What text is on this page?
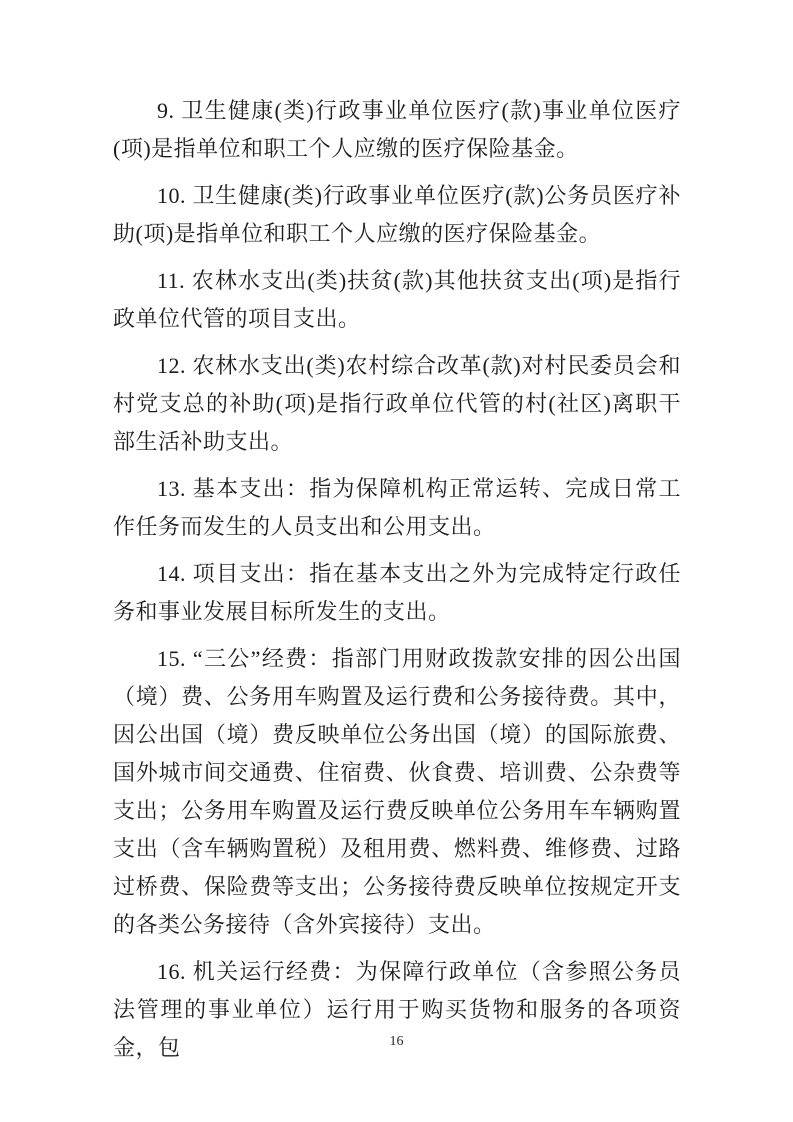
9. 卫生健康(类)行政事业单位医疗(款)事业单位医疗(项)是指单位和职工个人应缴的医疗保险基金。

10. 卫生健康(类)行政事业单位医疗(款)公务员医疗补助(项)是指单位和职工个人应缴的医疗保险基金。

11. 农林水支出(类)扶贫(款)其他扶贫支出(项)是指行政单位代管的项目支出。

12. 农林水支出(类)农村综合改革(款)对村民委员会和村党支总的补助(项)是指行政单位代管的村(社区)离职干部生活补助支出。

13. 基本支出：指为保障机构正常运转、完成日常工作任务而发生的人员支出和公用支出。

14. 项目支出：指在基本支出之外为完成特定行政任务和事业发展目标所发生的支出。

15. “三公”经费：指部门用财政拨款安排的因公出国（境）费、公务用车购置及运行费和公务接待费。其中，因公出国（境）费反映单位公务出国（境）的国际旅费、国外城市间交通费、住宿费、伙食费、培训费、公杂费等支出；公务用车购置及运行费反映单位公务用车车辆购置支出（含车辆购置税）及租用费、燃料费、维修费、过路过桥费、保险费等支出；公务接待费反映单位按规定开支的各类公务接待（含外宾接待）支出。

16. 机关运行经费：为保障行政单位（含参照公务员法管理的事业单位）运行用于购买货物和服务的各项资金，包	16
